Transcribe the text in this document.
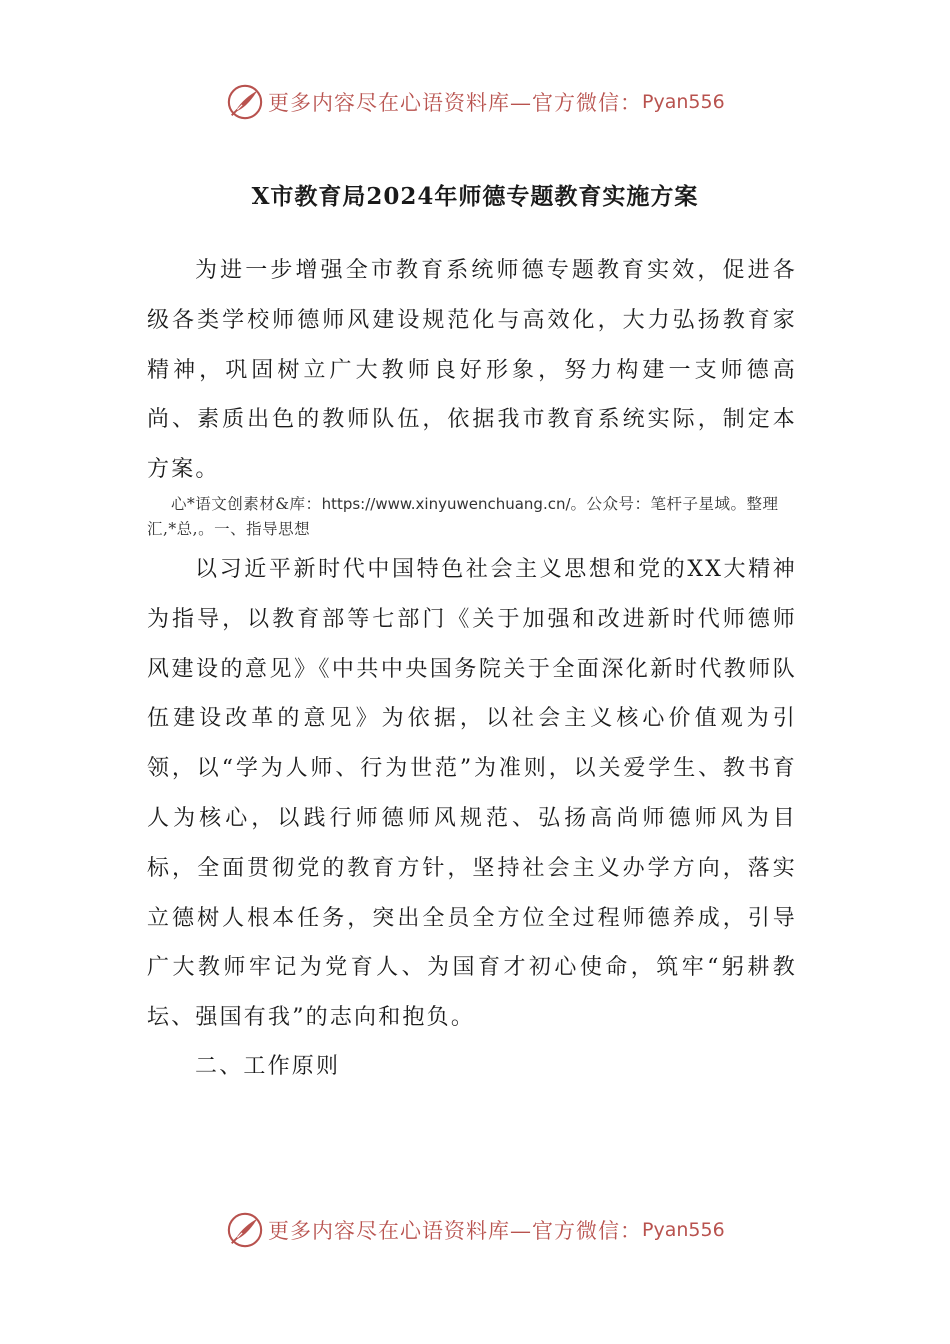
更多内容尽在心语资料库—官方微信： Pyan556
X市教育局2024年师德专题教育实施方案

为进一步增强全市教育系统师德专题教育实效，促进各级各类学校师德师风建设规范化与高效化，大力弘扬教育家精神，巩固树立广大教师良好形象，努力构建一支师德高尚、素质出色的教师队伍，依据我市教育系统实际，制定本方案。

心*语文创素材&库：https://www.xinyuwenchuang.cn/。公众号：笔杆子星域。整理汇,*总,。一、指导思想

以习近平新时代中国特色社会主义思想和党的XX大精神为指导，以教育部等七部门《关于加强和改进新时代师德师风建设的意见》《中共中央国务院关于全面深化新时代教师队伍建设改革的意见》为依据，以社会主义核心价值观为引领，以“学为人师、行为世范”为准则，以关爱学生、教书育人为核心，以践行师德师风规范、弘扬高尚师德师风为目标，全面贯彻党的教育方针，坚持社会主义办学方向，落实立德树人根本任务，突出全员全方位全过程师德养成，引导广大教师牢记为党育人、为国育才初心使命，筑牢“躬耕教坛、强国有我”的志向和抱负。

二、工作原则

更多内容尽在心语资料库—官方微信： Pyan556
